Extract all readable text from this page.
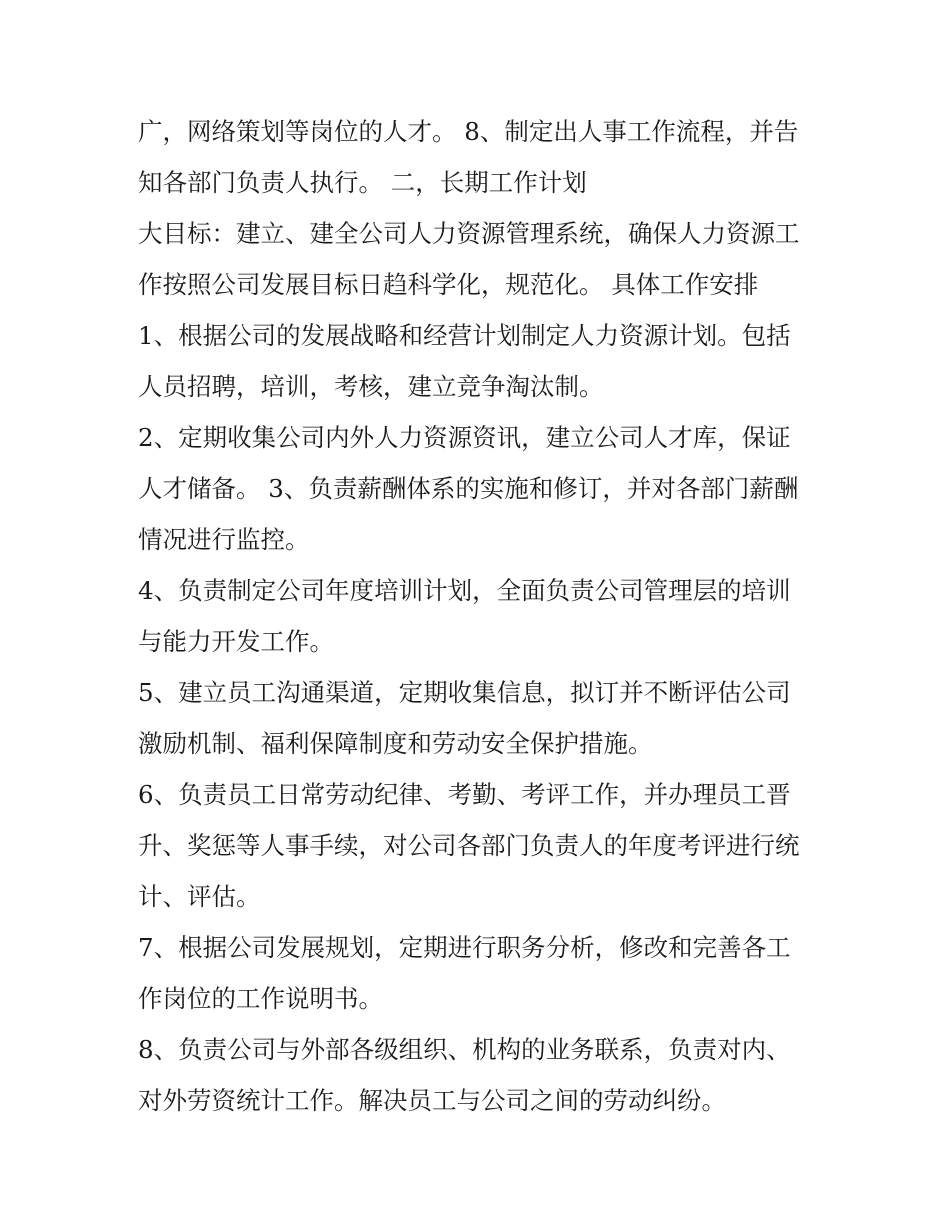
广，网络策划等岗位的人才。 8、制定出人事工作流程，并告
知各部门负责人执行。 二，长期工作计划
大目标：建立、建全公司人力资源管理系统，确保人力资源工
作按照公司发展目标日趋科学化，规范化。 具体工作安排
1、根据公司的发展战略和经营计划制定人力资源计划。包括
人员招聘，培训，考核，建立竞争淘汰制。
2、定期收集公司内外人力资源资讯，建立公司人才库，保证
人才储备。 3、负责薪酬体系的实施和修订，并对各部门薪酬
情况进行监控。
4、负责制定公司年度培训计划，全面负责公司管理层的培训
与能力开发工作。
5、建立员工沟通渠道，定期收集信息，拟订并不断评估公司
激励机制、福利保障制度和劳动安全保护措施。
6、负责员工日常劳动纪律、考勤、考评工作，并办理员工晋
升、奖惩等人事手续，对公司各部门负责人的年度考评进行统
计、评估。
7、根据公司发展规划，定期进行职务分析，修改和完善各工
作岗位的工作说明书。
8、负责公司与外部各级组织、机构的业务联系，负责对内、
对外劳资统计工作。解决员工与公司之间的劳动纠纷。
